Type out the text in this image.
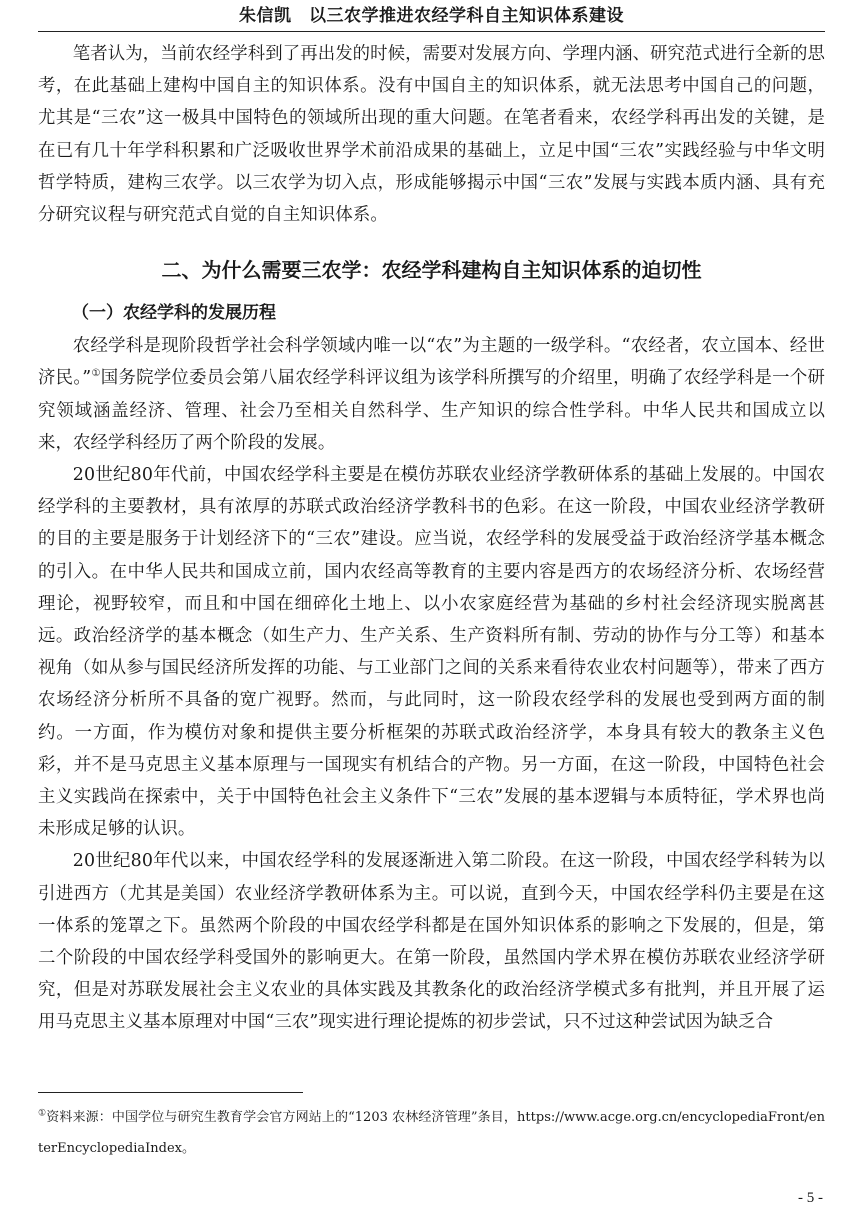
朱信凯　以三农学推进农经学科自主知识体系建设

笔者认为，当前农经学科到了再出发的时候，需要对发展方向、学理内涵、研究范式进行全新的思考，在此基础上建构中国自主的知识体系。没有中国自主的知识体系，就无法思考中国自己的问题，尤其是“三农”这一极具中国特色的领域所出现的重大问题。在笔者看来，农经学科再出发的关键，是在已有几十年学科积累和广泛吸收世界学术前沿成果的基础上，立足中国“三农”实践经验与中华文明哲学特质，建构三农学。以三农学为切入点，形成能够揭示中国“三农”发展与实践本质内涵、具有充分研究议程与研究范式自觉的自主知识体系。

二、为什么需要三农学：农经学科建构自主知识体系的迫切性
（一）农经学科的发展历程

农经学科是现阶段哲学社会科学领域内唯一以“农”为主题的一级学科。“农经者，农立国本、经世济民。”①国务院学位委员会第八届农经学科评议组为该学科所撰写的介绍里，明确了农经学科是一个研究领域涵盖经济、管理、社会乃至相关自然科学、生产知识的综合性学科。中华人民共和国成立以来，农经学科经历了两个阶段的发展。

20世纪80年代前，中国农经学科主要是在模仿苏联农业经济学教研体系的基础上发展的。中国农经学科的主要教材，具有浓厚的苏联式政治经济学教科书的色彩。在这一阶段，中国农业经济学教研的目的主要是服务于计划经济下的“三农”建设。应当说，农经学科的发展受益于政治经济学基本概念的引入。在中华人民共和国成立前，国内农经高等教育的主要内容是西方的农场经济分析、农场经营理论，视野较窄，而且和中国在细碎化土地上、以小农家庭经营为基础的乡村社会经济现实脱离甚远。政治经济学的基本概念（如生产力、生产关系、生产资料所有制、劳动的协作与分工等）和基本视角（如从参与国民经济所发挥的功能、与工业部门之间的关系来看待农业农村问题等），带来了西方农场经济分析所不具备的宽广视野。然而，与此同时，这一阶段农经学科的发展也受到两方面的制约。一方面，作为模仿对象和提供主要分析框架的苏联式政治经济学，本身具有较大的教条主义色彩，并不是马克思主义基本原理与一国现实有机结合的产物。另一方面，在这一阶段，中国特色社会主义实践尚在探索中，关于中国特色社会主义条件下“三农”发展的基本逻辑与本质特征，学术界也尚未形成足够的认识。

20世纪80年代以来，中国农经学科的发展逐渐进入第二阶段。在这一阶段，中国农经学科转为以引进西方（尤其是美国）农业经济学教研体系为主。可以说，直到今天，中国农经学科仍主要是在这一体系的笼罩之下。虽然两个阶段的中国农经学科都是在国外知识体系的影响之下发展的，但是，第二个阶段的中国农经学科受国外的影响更大。在第一阶段，虽然国内学术界在模仿苏联农业经济学研究，但是对苏联发展社会主义农业的具体实践及其教条化的政治经济学模式多有批判，并且开展了运用马克思主义基本原理对中国“三农”现实进行理论提炼的初步尝试，只不过这种尝试因为缺乏合

①资料来源：中国学位与研究生教育学会官方网站上的“1203 农林经济管理”条目，https://www.acge.org.cn/encyclopediaFront/enterEncyclopediaIndex。

- 5 -
